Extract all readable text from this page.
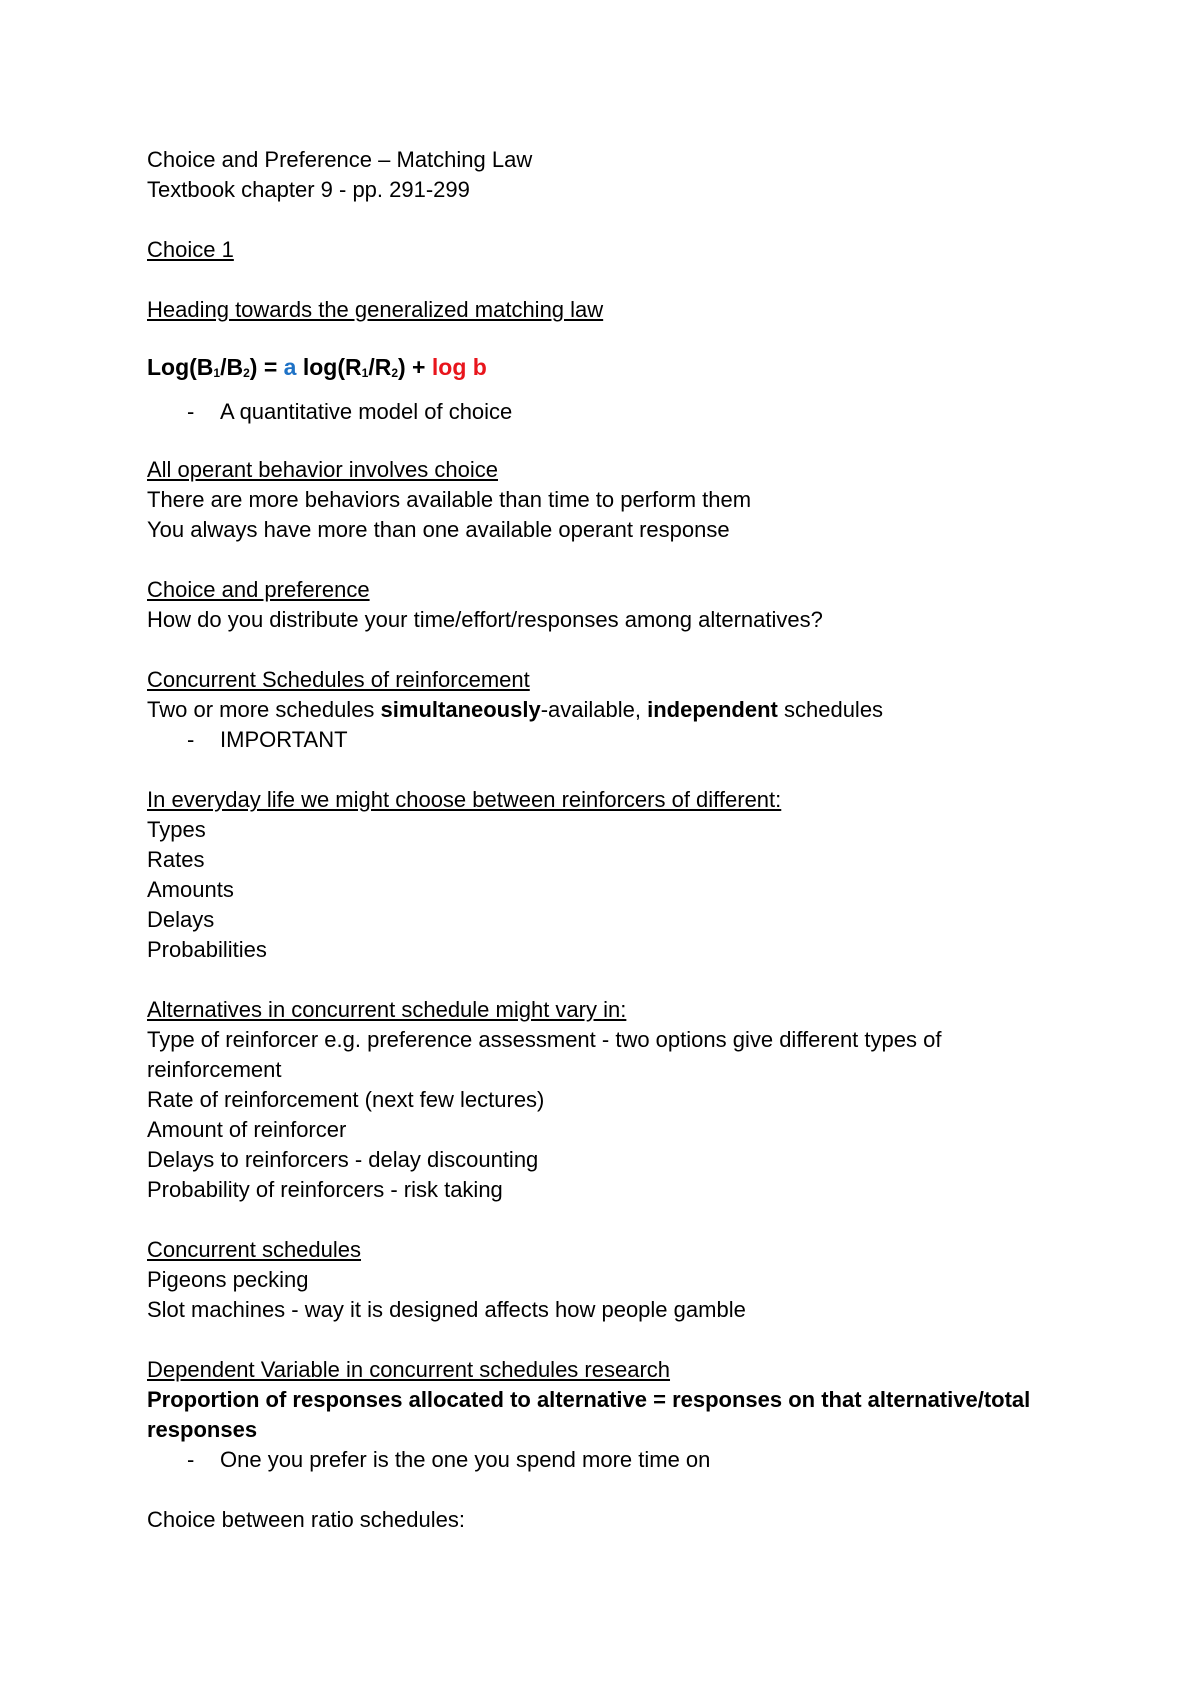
Choice and Preference – Matching Law
Textbook chapter 9 - pp. 291-299
Choice 1
Heading towards the generalized matching law
$Log(B_1/B_2) = a$ $\log(R_1/R_2) + \log b$
- A quantitative model of choice
All operant behavior involves choice
There are more behaviors available than time to perform them
You always have more than one available operant response
Choice and preference
How do you distribute your time/effort/responses among alternatives?
Concurrent Schedules of reinforcement
Two or more schedules simultaneously-available, independent schedules
- IMPORTANT
In everyday life we might choose between reinforcers of different:
Types
Rates
Amounts
Delays
Probabilities
Alternatives in concurrent schedule might vary in:
Type of reinforcer e.g. preference assessment - two options give different types of
reinforcement
Rate of reinforcement (next few lectures)
Amount of reinforcer
Delays to reinforcers - delay discounting
Probability of reinforcers - risk taking
Concurrent schedules
Pigeons pecking
Slot machines - way it is designed affects how people gamble
Dependent Variable in concurrent schedules research
Proportion of responses allocated to alternative = responses on that alternative/total
responses
- One you prefer is the one you spend more time on
Choice between ratio schedules:
